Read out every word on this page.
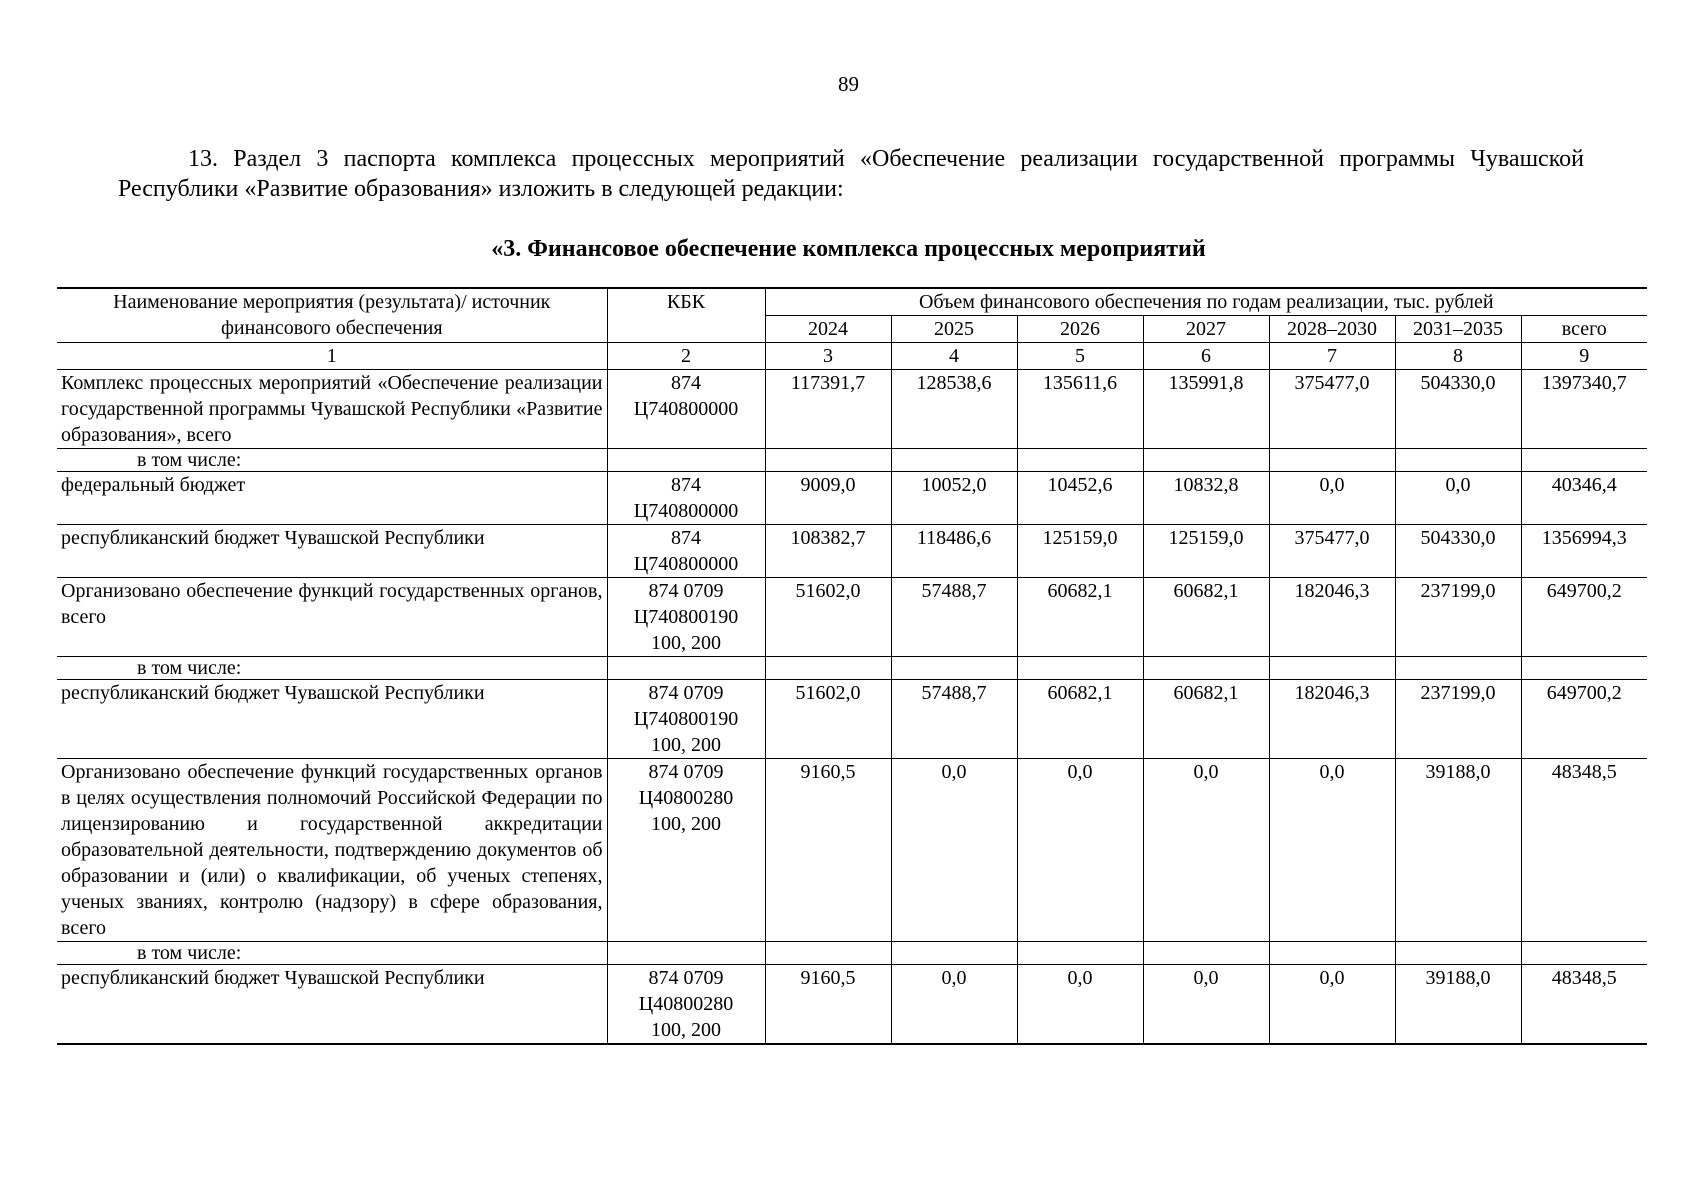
89
13. Раздел 3 паспорта комплекса процессных мероприятий «Обеспечение реализации государственной программы Чувашской Республики «Развитие образования» изложить в следующей редакции:
«3. Финансовое обеспечение комплекса процессных мероприятий
Наименование мероприятия (результата)/ источник финансового обеспечения	КБК	Объем финансового обеспечения по годам реализации, тыс. рублей						
		2024	2025	2026	2027	2028–2030	2031–2035	всего
1	2	3	4	5	6	7	8	9
Комплекс процессных мероприятий «Обеспечение реализации государственной программы Чувашской Республики «Развитие образования», всего	874 Ц740800000	117391,7	128538,6	135611,6	135991,8	375477,0	504330,0	1397340,7
в том числе:								
федеральный бюджет	874 Ц740800000	9009,0	10052,0	10452,6	10832,8	0,0	0,0	40346,4
республиканский бюджет Чувашской Республики	874 Ц740800000	108382,7	118486,6	125159,0	125159,0	375477,0	504330,0	1356994,3
Организовано обеспечение функций государственных органов, всего	874 0709 Ц740800190 100, 200	51602,0	57488,7	60682,1	60682,1	182046,3	237199,0	649700,2
в том числе:								
республиканский бюджет Чувашской Республики	874 0709 Ц740800190 100, 200	51602,0	57488,7	60682,1	60682,1	182046,3	237199,0	649700,2
Организовано обеспечение функций государственных органов в целях осуществления полномочий Российской Федерации по лицензированию и государственной аккредитации образовательной деятельности, подтверждению документов об образовании и (или) о квалификации, об ученых степенях, ученых званиях, контролю (надзору) в сфере образования, всего	874 0709 Ц40800280 100, 200	9160,5	0,0	0,0	0,0	0,0	39188,0	48348,5
в том числе:								
республиканский бюджет Чувашской Республики	874 0709 Ц40800280 100, 200	9160,5	0,0	0,0	0,0	0,0	39188,0	48348,5
